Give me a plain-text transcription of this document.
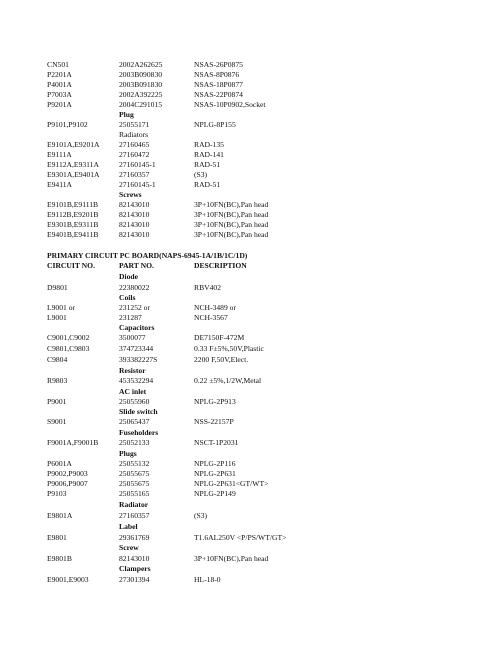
CN501	2002A262625	NSAS-26P0875
P2201A	2003B090830	NSAS-8P0876
P4001A	2003B091830	NSAS-18P0877
P7003A	2002A392225	NSAS-22P0874
P9201A	2004C291015	NSAS-10P0902,Socket
Plug
P9101,P9102	25055171	NPLG-8P155
Radiators
E9101A,E9201A	27160465	RAD-135
E9111A	27160472	RAD-141
E9112A,E9311A	27160145-1	RAD-51
E9301A,E9401A	27160357	(S3)
E9411A	27160145-1	RAD-51
Screws
E9101B,E9111B	82143010	3P+10FN(BC),Pan head
E9112B,E9201B	82143010	3P+10FN(BC),Pan head
E9301B,E9311B	82143010	3P+10FN(BC),Pan head
E9401B,E9411B	82143010	3P+10FN(BC),Pan head
PRIMARY CIRCUIT PC BOARD(NAPS-6945-1A/1B/1C/1D)
CIRCUIT NO.	PART NO.	DESCRIPTION
Diode
D9801	22380022	RBV402
Coils
L9001 or	231252 or	NCH-3489 or
L9001	231287	NCH-3567
Capacitors
C9001,C9002	3500077	DE7150F-472M
C9801,C9803	374723344	0.33 F±5%,50V,Plastic
C9804	393382227S	2200 F,50V,Elect.
Resistor
R9803	453532294	0.22 ±5%,1/2W,Metal
AC inlet
P9001	25055960	NPLG-2P913
Slide switch
S9001	25065437	NSS-22157P
Fuseholders
F9001A,F9001B	25052133	NSCT-1P2031
Plugs
P6001A	25055132	NPLG-2P116
P9002,P9003	25055675	NPLG-2P631
P9006,P9007	25055675	NPLG-2P631<GT/WT>
P9103	25055165	NPLG-2P149
Radiator
E9801A	27160357	(S3)
Label
E9801	29361769	T1.6AL250V <P/PS/WT/GT>
Screw
E9801B	82143010	3P+10FN(BC),Pan head
Clampers
E9001,E9003	27301394	HL-18-0
